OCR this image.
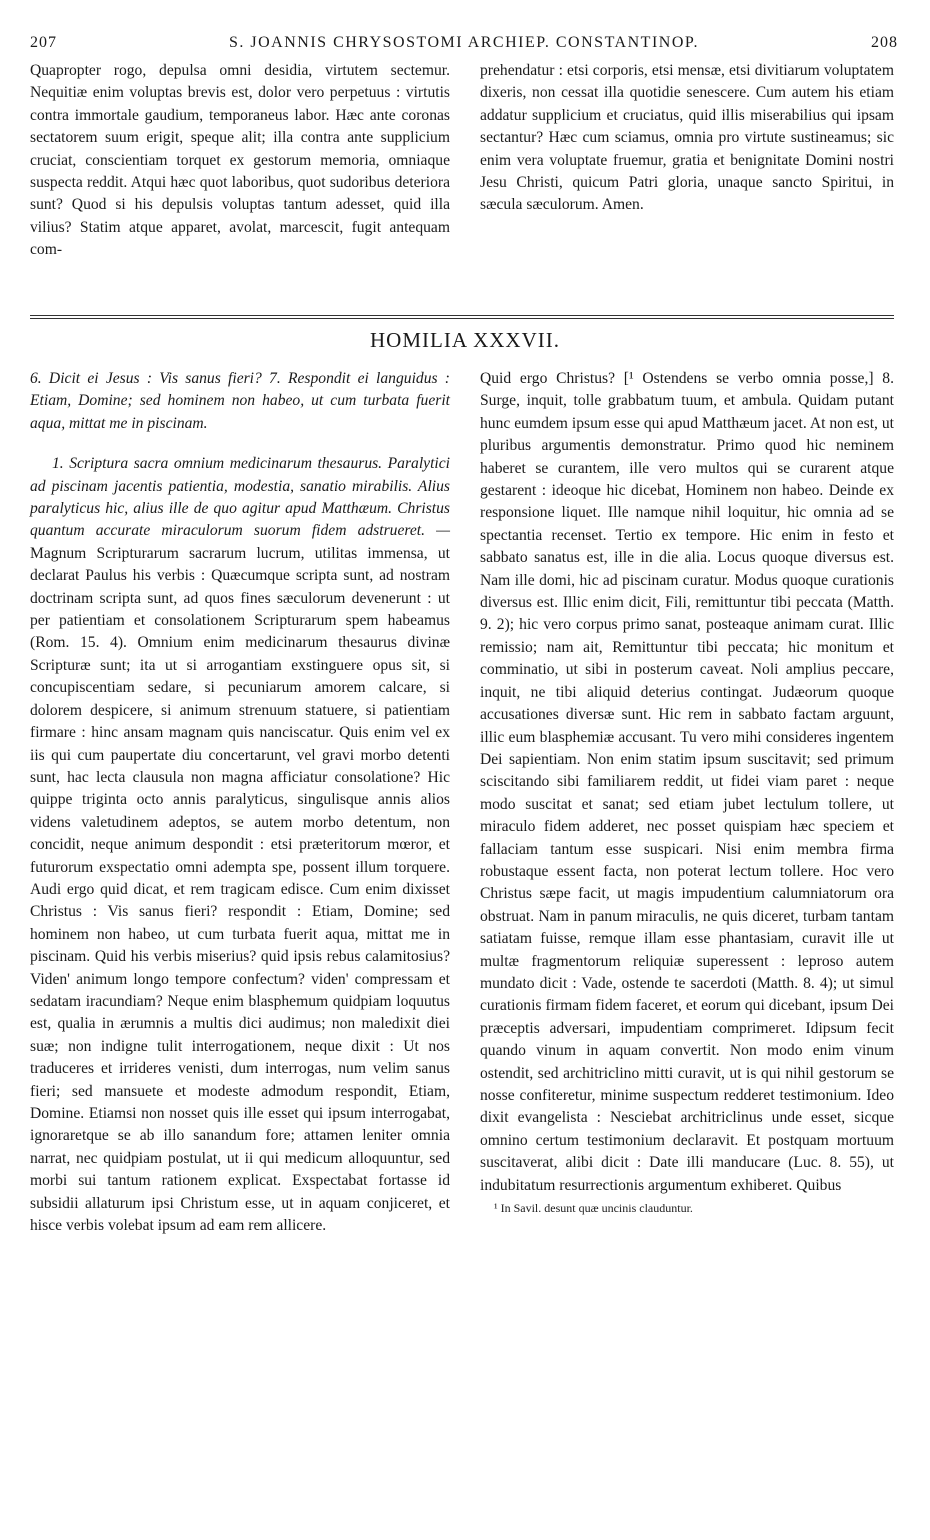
207	S. JOANNIS CHRYSOSTOMI ARCHIEP. CONSTANTINOP.	208

Quapropter rogo, depulsa omni desidia, virtutem sectemur. Nequitiæ enim voluptas brevis est, dolor vero perpetuus : virtutis contra immortale gaudium, temporaneus labor. Hæc ante coronas sectatorem suum erigit, speque alit; illa contra ante supplicium cruciat, conscientiam torquet ex gestorum memoria, omniaque suspecta reddit. Atqui hæc quot laboribus, quot sudoribus deteriora sunt? Quod si his depulsis voluptas tantum adesset, quid illa vilius? Statim atque apparet, avolat, marcescit, fugit antequam com-

prehendatur : etsi corporis, etsi mensæ, etsi divitiarum voluptatem dixeris, non cessat illa quotidie senescere. Cum autem his etiam addatur supplicium et cruciatus, quid illis miserabilius qui ipsam sectantur? Hæc cum sciamus, omnia pro virtute sustineamus; sic enim vera voluptate fruemur, gratia et benignitate Domini nostri Jesu Christi, quicum Patri gloria, unaque sancto Spiritui, in sæcula sæculorum. Amen.

HOMILIA XXXVII.

6. Dicit ei Jesus : Vis sanus fieri? 7. Respondit ei languidus : Etiam, Domine; sed hominem non habeo, ut cum turbata fuerit aqua, mittat me in piscinam.

1. Scriptura sacra omnium medicinarum thesaurus. Paralytici ad piscinam jacentis patientia, modestia, sanatio mirabilis. Alius paralyticus hic, alius ille de quo agitur apud Matthæum. Christus quantum accurate miraculorum suorum fidem adstrueret. — Magnum Scripturarum sacrarum lucrum, utilitas immensa, ut declarat Paulus his verbis : Quæcumque scripta sunt, ad nostram doctrinam scripta sunt, ad quos fines sæculorum devenerunt : ut per patientiam et consolationem Scripturarum spem habeamus (Rom. 15. 4). Omnium enim medicinarum thesaurus divinæ Scripturæ sunt; ita ut si arrogantiam exstinguere opus sit, si concupiscentiam sedare, si pecuniarum amorem calcare, si dolorem despicere, si animum strenuum statuere, si patientiam firmare : hinc ansam magnam quis nanciscatur. Quis enim vel ex iis qui cum paupertate diu concertarunt, vel gravi morbo detenti sunt, hac lecta clausula non magna afficiatur consolatione? Hic quippe triginta octo annis paralyticus, singulisque annis alios videns valetudinem adeptos, se autem morbo detentum, non concidit, neque animum despondit : etsi præteritorum mœror, et futurorum exspectatio omni adempta spe, possent illum torquere. Audi ergo quid dicat, et rem tragicam edisce. Cum enim dixisset Christus : Vis sanus fieri? respondit : Etiam, Domine; sed hominem non habeo, ut cum turbata fuerit aqua, mittat me in piscinam. Quid his verbis miserius? quid ipsis rebus calamitosius? Viden' animum longo tempore confectum? viden' compressam et sedatam iracundiam? Neque enim blasphemum quidpiam loquutus est, qualia in ærumnis a multis dici audimus; non maledixit diei suæ; non indigne tulit interrogationem, neque dixit : Ut nos traduceres et irrideres venisti, dum interrogas, num velim sanus fieri; sed mansuete et modeste admodum respondit, Etiam, Domine. Etiamsi non nosset quis ille esset qui ipsum interrogabat, ignoraretque se ab illo sanandum fore; attamen leniter omnia narrat, nec quidpiam postulat, ut ii qui medicum alloquuntur, sed morbi sui tantum rationem explicat. Exspectabat fortasse id subsidii allaturum ipsi Christum esse, ut in aquam conjiceret, et hisce verbis volebat ipsum ad eam rem allicere.

Quid ergo Christus? [¹ Ostendens se verbo omnia posse,] 8. Surge, inquit, tolle grabbatum tuum, et ambula. Quidam putant hunc eumdem ipsum esse qui apud Matthæum jacet. At non est, ut pluribus argumentis demonstratur. Primo quod hic neminem haberet se curantem, ille vero multos qui se curarent atque gestarent : ideoque hic dicebat, Hominem non habeo. Deinde ex responsione liquet. Ille namque nihil loquitur, hic omnia ad se spectantia recenset. Tertio ex tempore. Hic enim in festo et sabbato sanatus est, ille in die alia. Locus quoque diversus est. Nam ille domi, hic ad piscinam curatur. Modus quoque curationis diversus est. Illic enim dicit, Fili, remittuntur tibi peccata (Matth. 9. 2); hic vero corpus primo sanat, posteaque animam curat. Illic remissio; nam ait, Remittuntur tibi peccata; hic monitum et comminatio, ut sibi in posterum caveat. Noli amplius peccare, inquit, ne tibi aliquid deterius contingat. Judæorum quoque accusationes diversæ sunt. Hic rem in sabbato factam arguunt, illic eum blasphemiæ accusant. Tu vero mihi consideres ingentem Dei sapientiam. Non enim statim ipsum suscitavit; sed primum sciscitando sibi familiarem reddit, ut fidei viam paret : neque modo suscitat et sanat; sed etiam jubet lectulum tollere, ut miraculo fidem adderet, nec posset quispiam hæc speciem et fallaciam tantum esse suspicari. Nisi enim membra firma robustaque essent facta, non poterat lectum tollere. Hoc vero Christus sæpe facit, ut magis impudentium calumniatorum ora obstruat. Nam in panum miraculis, ne quis diceret, turbam tantam satiatam fuisse, remque illam esse phantasiam, curavit ille ut multæ fragmentorum reliquiæ superessent : leproso autem mundato dicit : Vade, ostende te sacerdoti (Matth. 8. 4); ut simul curationis firmam fidem faceret, et eorum qui dicebant, ipsum Dei præceptis adversari, impudentiam comprimeret. Idipsum fecit quando vinum in aquam convertit. Non modo enim vinum ostendit, sed architriclino mitti curavit, ut is qui nihil gestorum se nosse confiteretur, minime suspectum redderet testimonium. Ideo dixit evangelista : Nesciebat architriclinus unde esset, sicque omnino certum testimonium declaravit. Et postquam mortuum suscitaverat, alibi dicit : Date illi manducare (Luc. 8. 55), ut indubitatum resurrectionis argumentum exhiberet. Quibus

¹ In Savil. desunt quæ uncinis clauduntur.
